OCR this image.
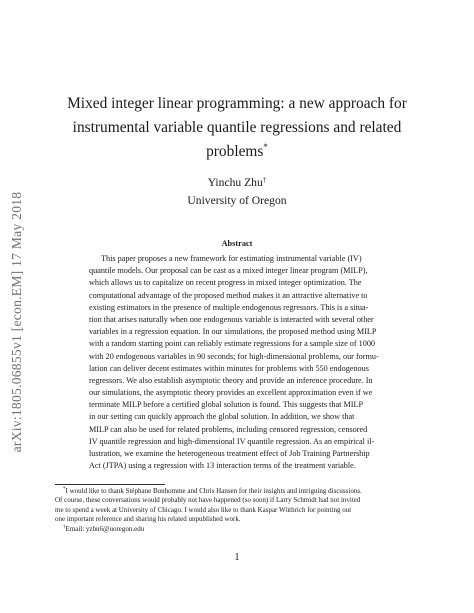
arXiv:1805.06855v1 [econ.EM] 17 May 2018
Mixed integer linear programming: a new approach for
instrumental variable quantile regressions and related
problems*
Yinchu Zhu†
University of Oregon
Abstract
This paper proposes a new framework for estimating instrumental variable (IV)
quantile models. Our proposal can be cast as a mixed integer linear program (MILP),
which allows us to capitalize on recent progress in mixed integer optimization. The
computational advantage of the proposed method makes it an attractive alternative to
existing estimators in the presence of multiple endogenous regressors. This is a situa-
tion that arises naturally when one endogenous variable is interacted with several other
variables in a regression equation. In our simulations, the proposed method using MILP
with a random starting point can reliably estimate regressions for a sample size of 1000
with 20 endogenous variables in 90 seconds; for high-dimensional problems, our formu-
lation can deliver decent estimates within minutes for problems with 550 endogenous
regressors. We also establish asymptotic theory and provide an inference procedure. In
our simulations, the asymptotic theory provides an excellent approximation even if we
terminate MILP before a certified global solution is found. This suggests that MILP
in our setting can quickly approach the global solution. In addition, we show that
MILP can also be used for related problems, including censored regression, censored
IV quantile regression and high-dimensional IV quantile regression. As an empirical il-
lustration, we examine the heterogeneous treatment effect of Job Training Partnership
Act (JTPA) using a regression with 13 interaction terms of the treatment variable.
*I would like to thank Stéphane Bonhomme and Chris Hansen for their insights and intriguing discussions.
Of course, these conversations would probably not have happened (so soon) if Larry Schmidt had not invited
me to spend a week at University of Chicago. I would also like to thank Kaspar Wüthrich for pointing out
one important reference and sharing his related unpublished work.
†Email: yzhu6@uoregon.edu
1
